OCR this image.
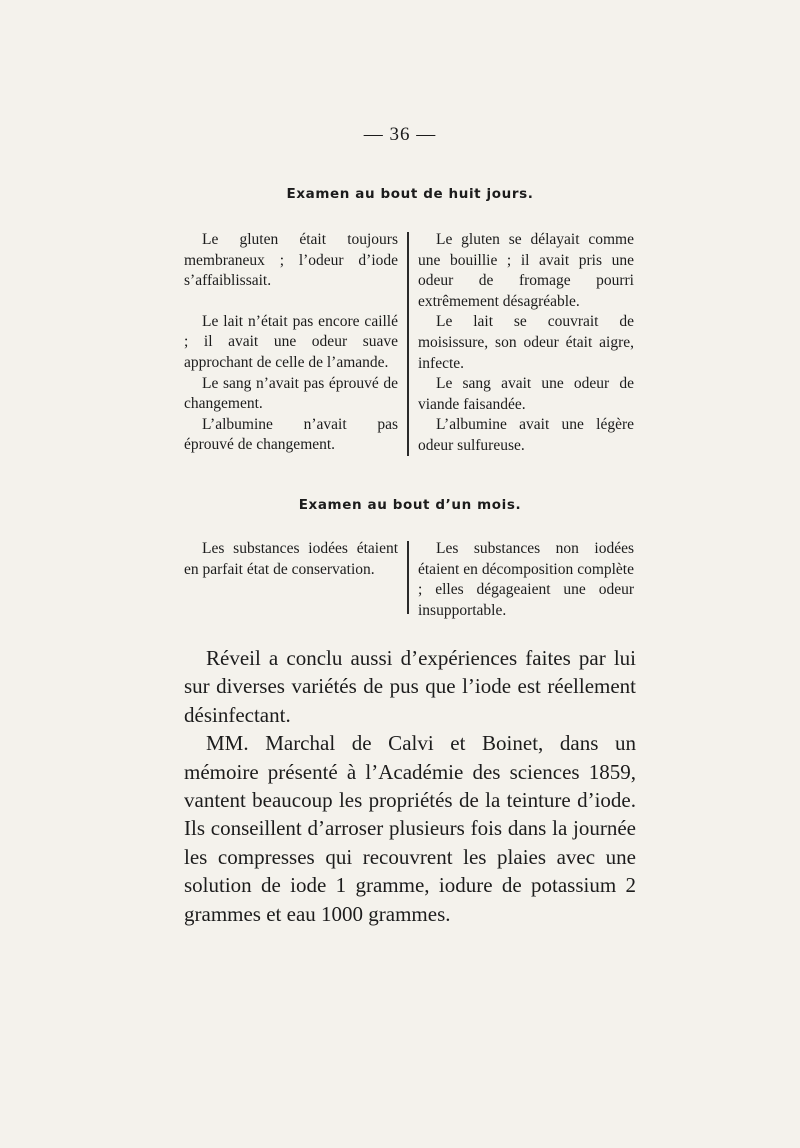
— 36 —
Examen au bout de huit jours.

Le gluten était toujours membraneux ; l’odeur d’iode s’affaiblissait.

Le lait n’était pas encore caillé ; il avait une odeur suave approchant de celle de l’amande.

Le sang n’avait pas éprouvé de changement.

L’albumine n’avait pas éprouvé de changement.

Le gluten se délayait comme une bouillie ; il avait pris une odeur de fromage pourri extrêmement désagréable.

Le lait se couvrait de moisissure, son odeur était aigre, infecte.

Le sang avait une odeur de viande faisandée.

L’albumine avait une légère odeur sulfureuse.

Examen au bout d’un mois.

Les substances iodées étaient en parfait état de conservation.

Les substances non iodées étaient en décomposition complète ; elles dégageaient une odeur insupportable.

Réveil a conclu aussi d’expériences faites par lui sur diverses variétés de pus que l’iode est réellement désinfectant.

MM. Marchal de Calvi et Boinet, dans un mémoire présenté à l’Académie des sciences 1859, vantent beaucoup les propriétés de la teinture d’iode. Ils conseillent d’arroser plusieurs fois dans la journée les compresses qui recouvrent les plaies avec une solution de iode 1 gramme, iodure de potassium 2 grammes et eau 1000 grammes.
